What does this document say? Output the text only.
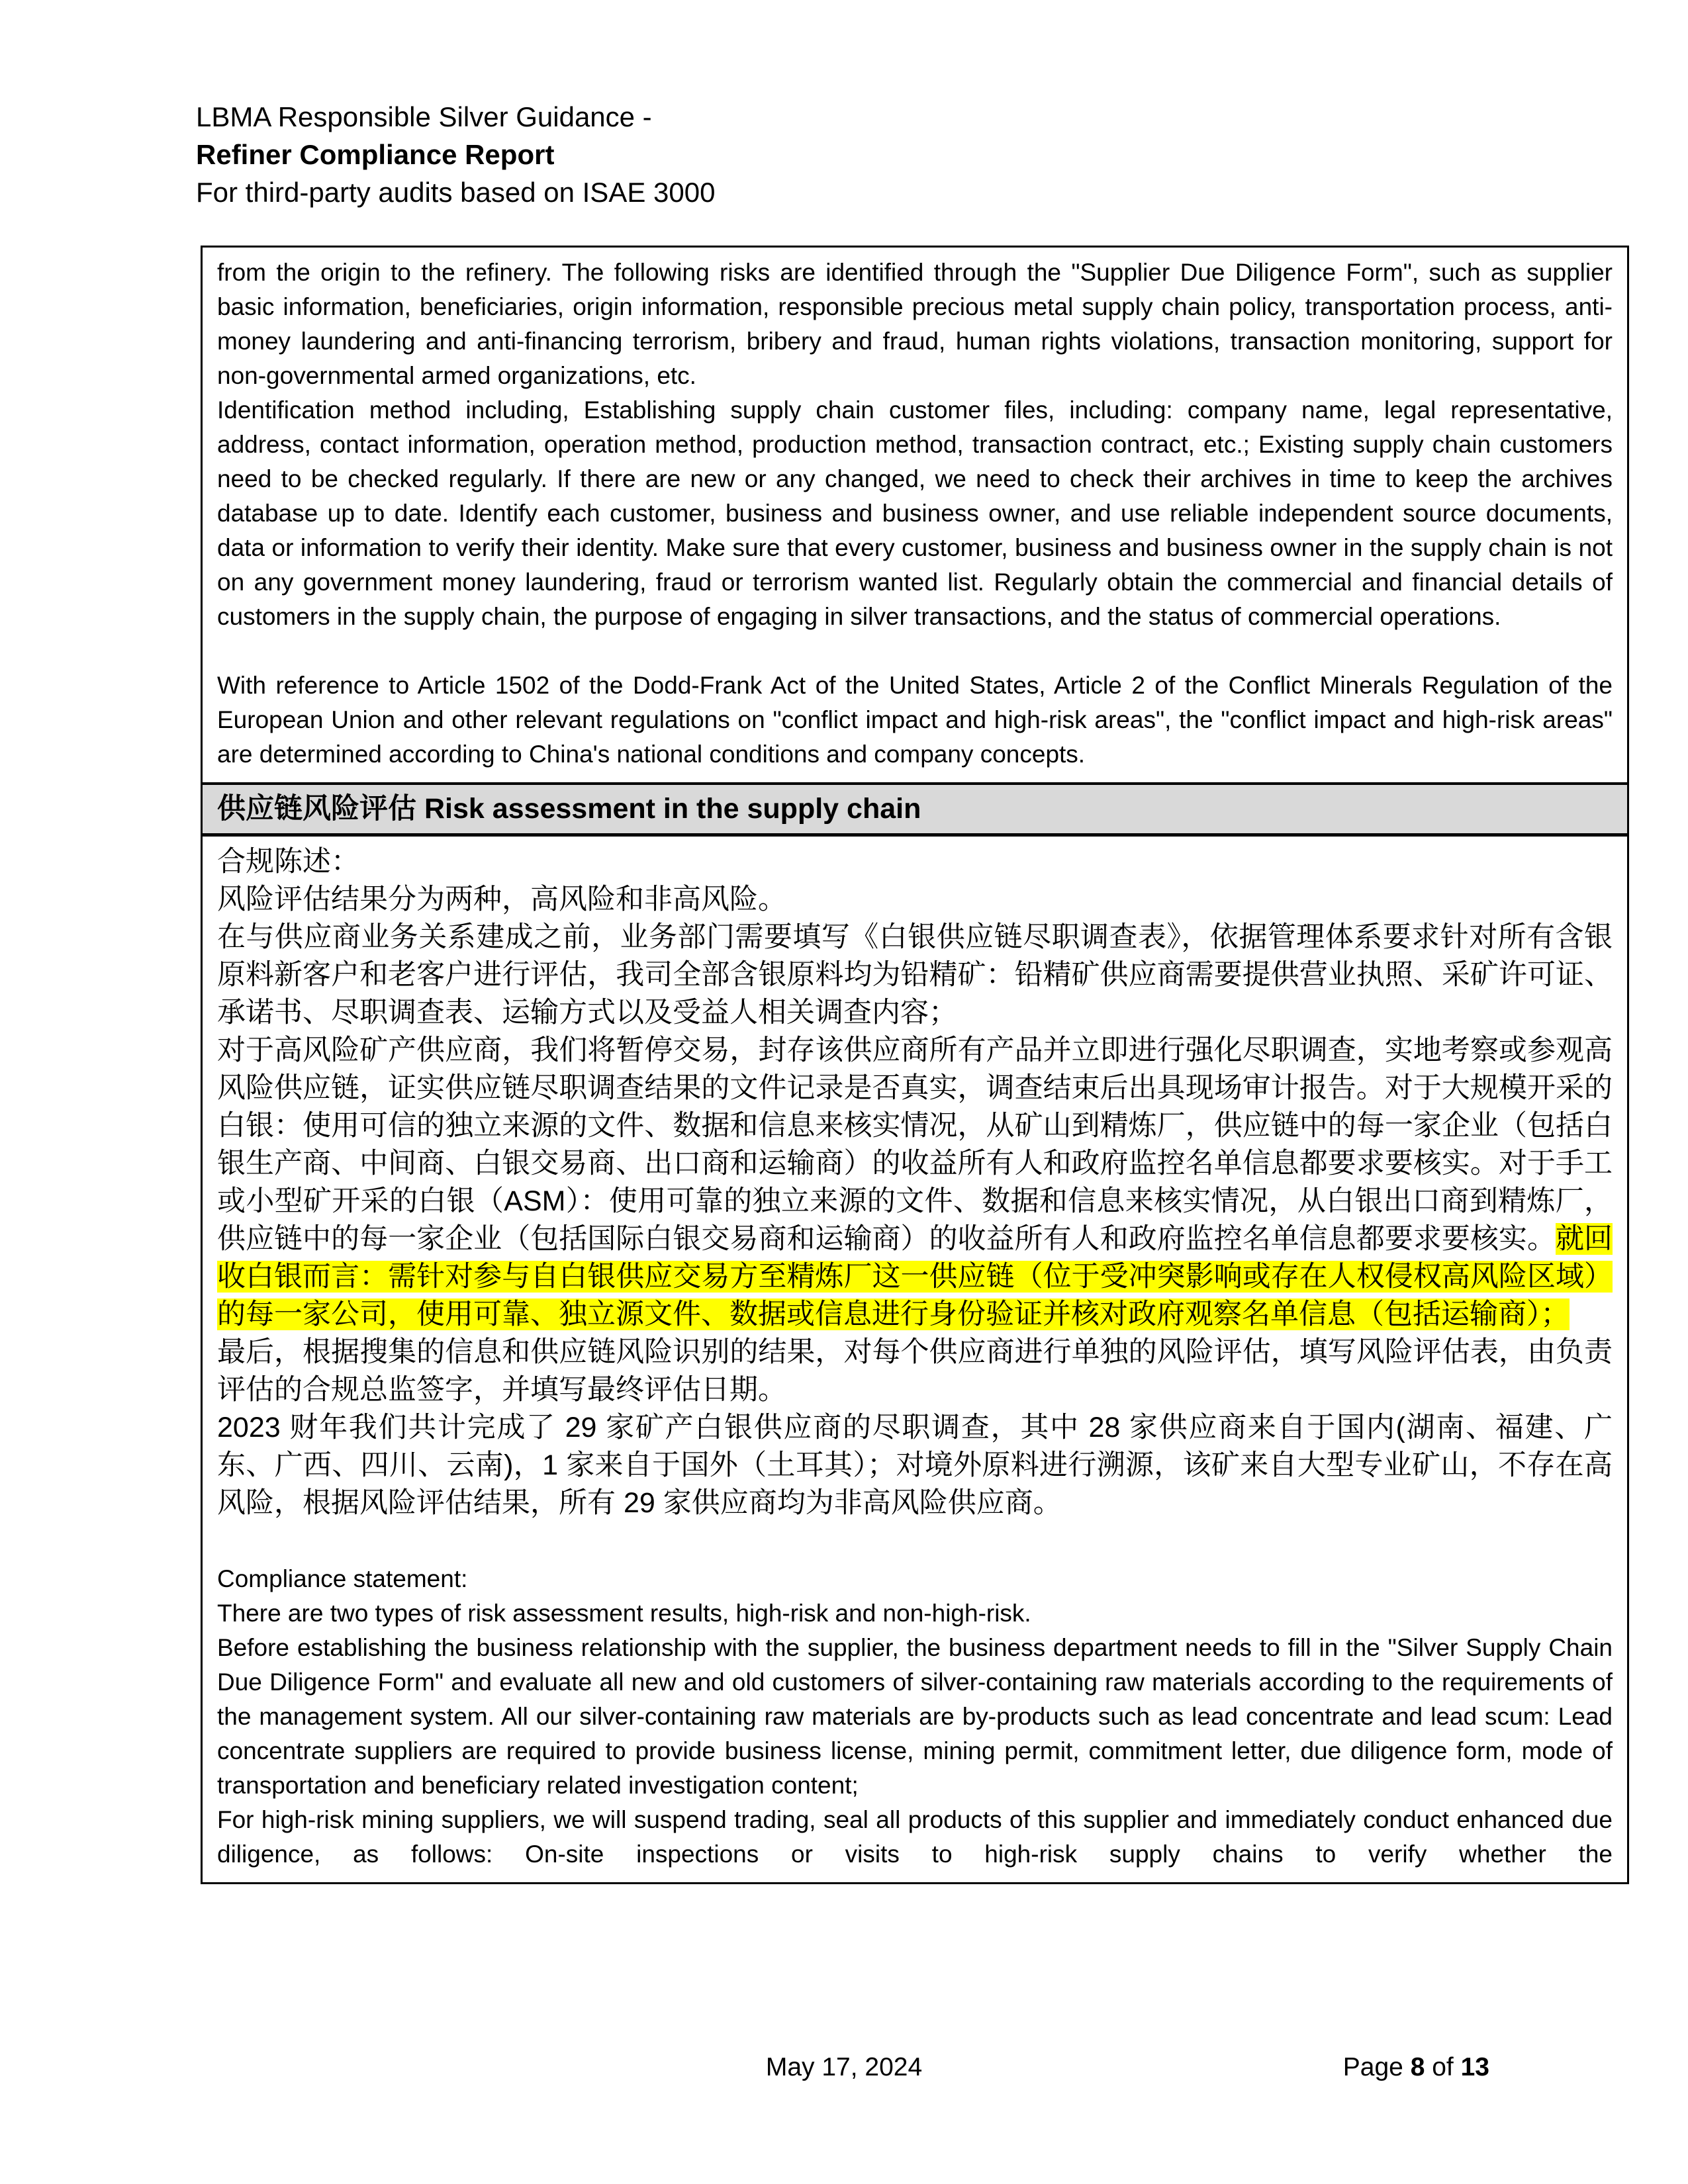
LBMA Responsible Silver Guidance -
Refiner Compliance Report
For third-party audits based on ISAE 3000

from the origin to the refinery. The following risks are identified through the "Supplier Due Diligence Form", such as supplier basic information, beneficiaries, origin information, responsible precious metal supply chain policy, transportation process, anti-money laundering and anti-financing terrorism, bribery and fraud, human rights violations, transaction monitoring, support for non-governmental armed organizations, etc.

Identification method including, Establishing supply chain customer files, including: company name, legal representative, address, contact information, operation method, production method, transaction contract, etc.; Existing supply chain customers need to be checked regularly. If there are new or any changed, we need to check their archives in time to keep the archives database up to date. Identify each customer, business and business owner, and use reliable independent source documents, data or information to verify their identity. Make sure that every customer, business and business owner in the supply chain is not on any government money laundering, fraud or terrorism wanted list. Regularly obtain the commercial and financial details of customers in the supply chain, the purpose of engaging in silver transactions, and the status of commercial operations.

With reference to Article 1502 of the Dodd-Frank Act of the United States, Article 2 of the Conflict Minerals Regulation of the European Union and other relevant regulations on "conflict impact and high-risk areas", the "conflict impact and high-risk areas" are determined according to China's national conditions and company concepts.

供应链风险评估 Risk assessment in the supply chain

合规陈述：

风险评估结果分为两种，高风险和非高风险。

在与供应商业务关系建成之前，业务部门需要填写《白银供应链尽职调查表》，依据管理体系要求针对所有含银原料新客户和老客户进行评估，我司全部含银原料均为铅精矿：铅精矿供应商需要提供营业执照、采矿许可证、承诺书、尽职调查表、运输方式以及受益人相关调查内容；

对于高风险矿产供应商，我们将暂停交易，封存该供应商所有产品并立即进行强化尽职调查，实地考察或参观高风险供应链，证实供应链尽职调查结果的文件记录是否真实，调查结束后出具现场审计报告。对于大规模开采的白银：使用可信的独立来源的文件、数据和信息来核实情况，从矿山到精炼厂，供应链中的每一家企业（包括白银生产商、中间商、白银交易商、出口商和运输商）的收益所有人和政府监控名单信息都要求要核实。对于手工或小型矿开采的白银（ASM）：使用可靠的独立来源的文件、数据和信息来核实情况，从白银出口商到精炼厂，供应链中的每一家企业（包括国际白银交易商和运输商）的收益所有人和政府监控名单信息都要求要核实。就回收白银而言：需针对参与自白银供应交易方至精炼厂这一供应链（位于受冲突影响或存在人权侵权高风险区域）的每一家公司，使用可靠、独立源文件、数据或信息进行身份验证并核对政府观察名单信息（包括运输商）；

最后，根据搜集的信息和供应链风险识别的结果，对每个供应商进行单独的风险评估，填写风险评估表，由负责评估的合规总监签字，并填写最终评估日期。

2023 财年我们共计完成了 29 家矿产白银供应商的尽职调查，其中 28 家供应商来自于国内(湖南、福建、广东、广西、四川、云南)，1 家来自于国外（土耳其）；对境外原料进行溯源，该矿来自大型专业矿山，不存在高风险，根据风险评估结果，所有 29 家供应商均为非高风险供应商。

Compliance statement:

There are two types of risk assessment results, high-risk and non-high-risk.

Before establishing the business relationship with the supplier, the business department needs to fill in the "Silver Supply Chain Due Diligence Form" and evaluate all new and old customers of silver-containing raw materials according to the requirements of the management system. All our silver-containing raw materials are by-products such as lead concentrate and lead scum: Lead concentrate suppliers are required to provide business license, mining permit, commitment letter, due diligence form, mode of transportation and beneficiary related investigation content;

For high-risk mining suppliers, we will suspend trading, seal all products of this supplier and immediately conduct enhanced due diligence, as follows: On-site inspections or visits to high-risk supply chains to verify whether the

May 17, 2024	Page 8 of 13
